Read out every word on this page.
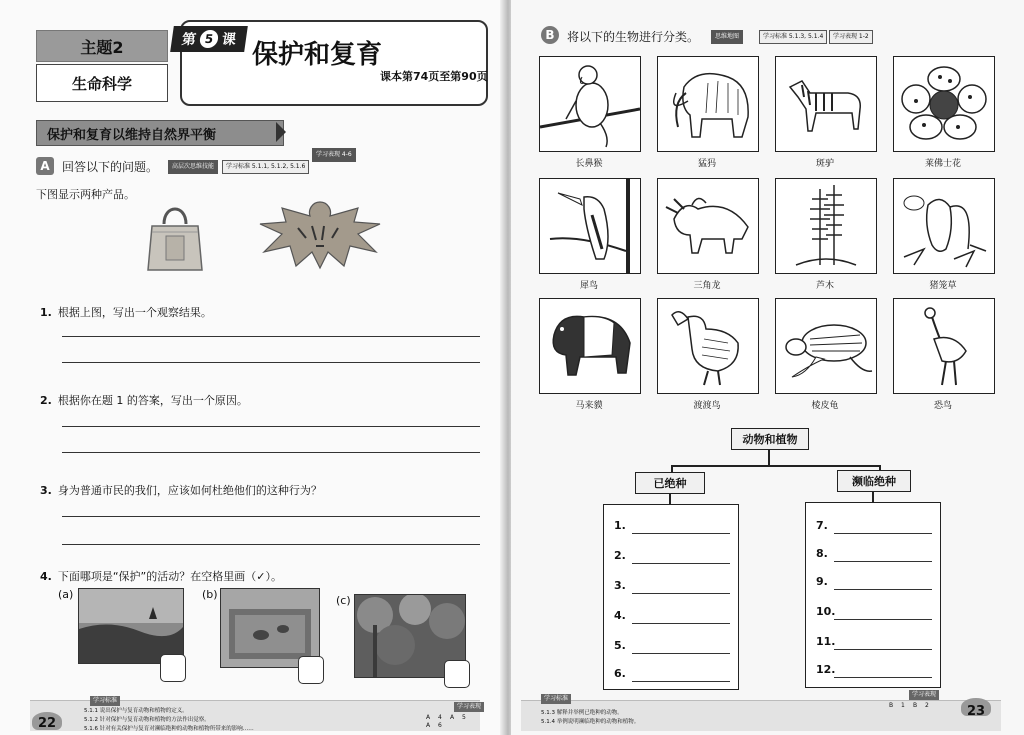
主题2
生命科学
第 5 课 保护和复育
课本第74页至第90页
保护和复育以维持自然界平衡
A	回答以下的问题。	高层次思维技能	学习标准 5.1.1, 5.1.2, 5.1.6
学习表现 4-6
下图显示两种产品。
1. 根据上图，写出一个观察结果。
2. 根据你在题 1 的答案，写出一个原因。
3. 身为普通市民的我们，应该如何杜绝他们的这种行为？
4. 下面哪项是“保护”的活动？在空格里画（✓）。
(a)	(b)	(c)
学习标准
5.1.1 说出保护与复育动物和植物的定义。
5.1.2 针对保护与复育动物和植物的方法作出觉察。
5.1.6 针对有关保护与复育对濒临绝种的动物和植物所带来的影响……
22
学习表现
A	4	A	5
A	6
B	将以下的生物进行分类。	思维地图	学习标准 5.1.3, 5.1.4	学习表现 1-2
长鼻猴	猛犸	斑驴	莱佛士花
犀鸟	三角龙	芦木	猪笼草
马来貘	渡渡鸟	棱皮龟	恐鸟
动物和植物
已绝种	濒临绝种
1.
2.
3.
4.
5.
6.
7.
8.
9.
10.
11.
12.
学习标准
5.1.3 解释并举例已绝种的动物。
5.1.4 举例说明濒临绝种的动物和植物。
学习表现
B	1	B	2	23
